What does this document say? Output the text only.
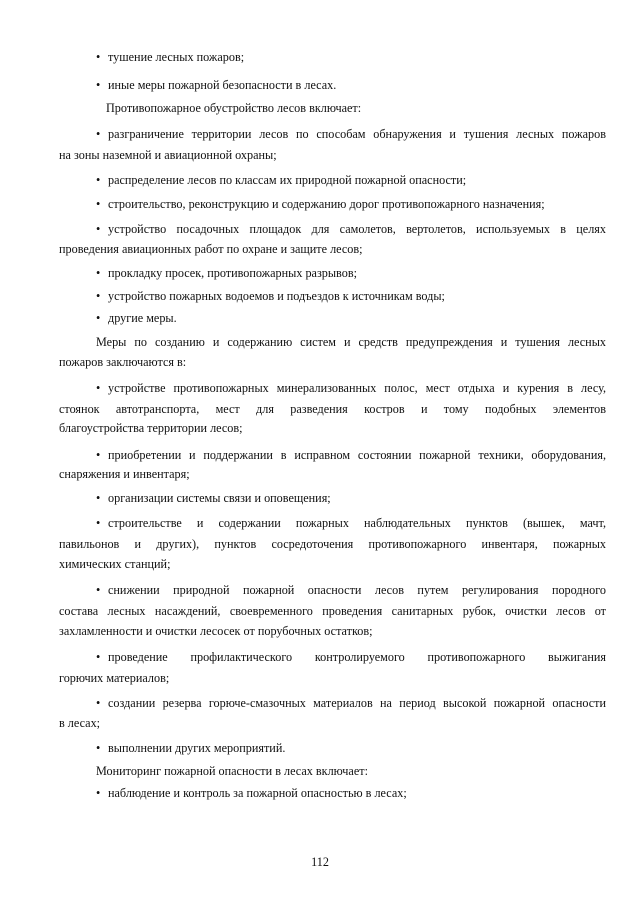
• тушение лесных пожаров;
• иные меры пожарной безопасности в лесах.
Противопожарное обустройство лесов включает:
• разграничение территории лесов по способам обнаружения и тушения лесных пожаров
на зоны наземной и авиационной охраны;
• распределение лесов по классам их природной пожарной опасности;
• строительство, реконструкцию и содержанию дорог противопожарного назначения;
• устройство посадочных площадок для самолетов, вертолетов, используемых в целях
проведения авиационных работ по охране и защите лесов;
• прокладку просек, противопожарных разрывов;
• устройство пожарных водоемов и подъездов к источникам воды;
• другие меры.
Меры по созданию и содержанию систем и средств предупреждения и тушения лесных
пожаров заключаются в:
• устройстве противопожарных минерализованных полос, мест отдыха и курения в лесу,
стоянок автотранспорта, мест для разведения костров и тому подобных элементов
благоустройства территории лесов;
• приобретении и поддержании в исправном состоянии пожарной техники, оборудования,
снаряжения и инвентаря;
• организации системы связи и оповещения;
• строительстве и содержании пожарных наблюдательных пунктов (вышек, мачт,
павильонов и других), пунктов сосредоточения противопожарного инвентаря, пожарных
химических станций;
• снижении природной пожарной опасности лесов путем регулирования породного
состава лесных насаждений, своевременного проведения санитарных рубок, очистки лесов от
захламленности и очистки лесосек от порубочных остатков;
• проведение профилактического контролируемого противопожарного выжигания
горючих материалов;
• создании резерва горюче-смазочных материалов на период высокой пожарной опасности
в лесах;
• выполнении других мероприятий.
Мониторинг пожарной опасности в лесах включает:
• наблюдение и контроль за пожарной опасностью в лесах;
112
